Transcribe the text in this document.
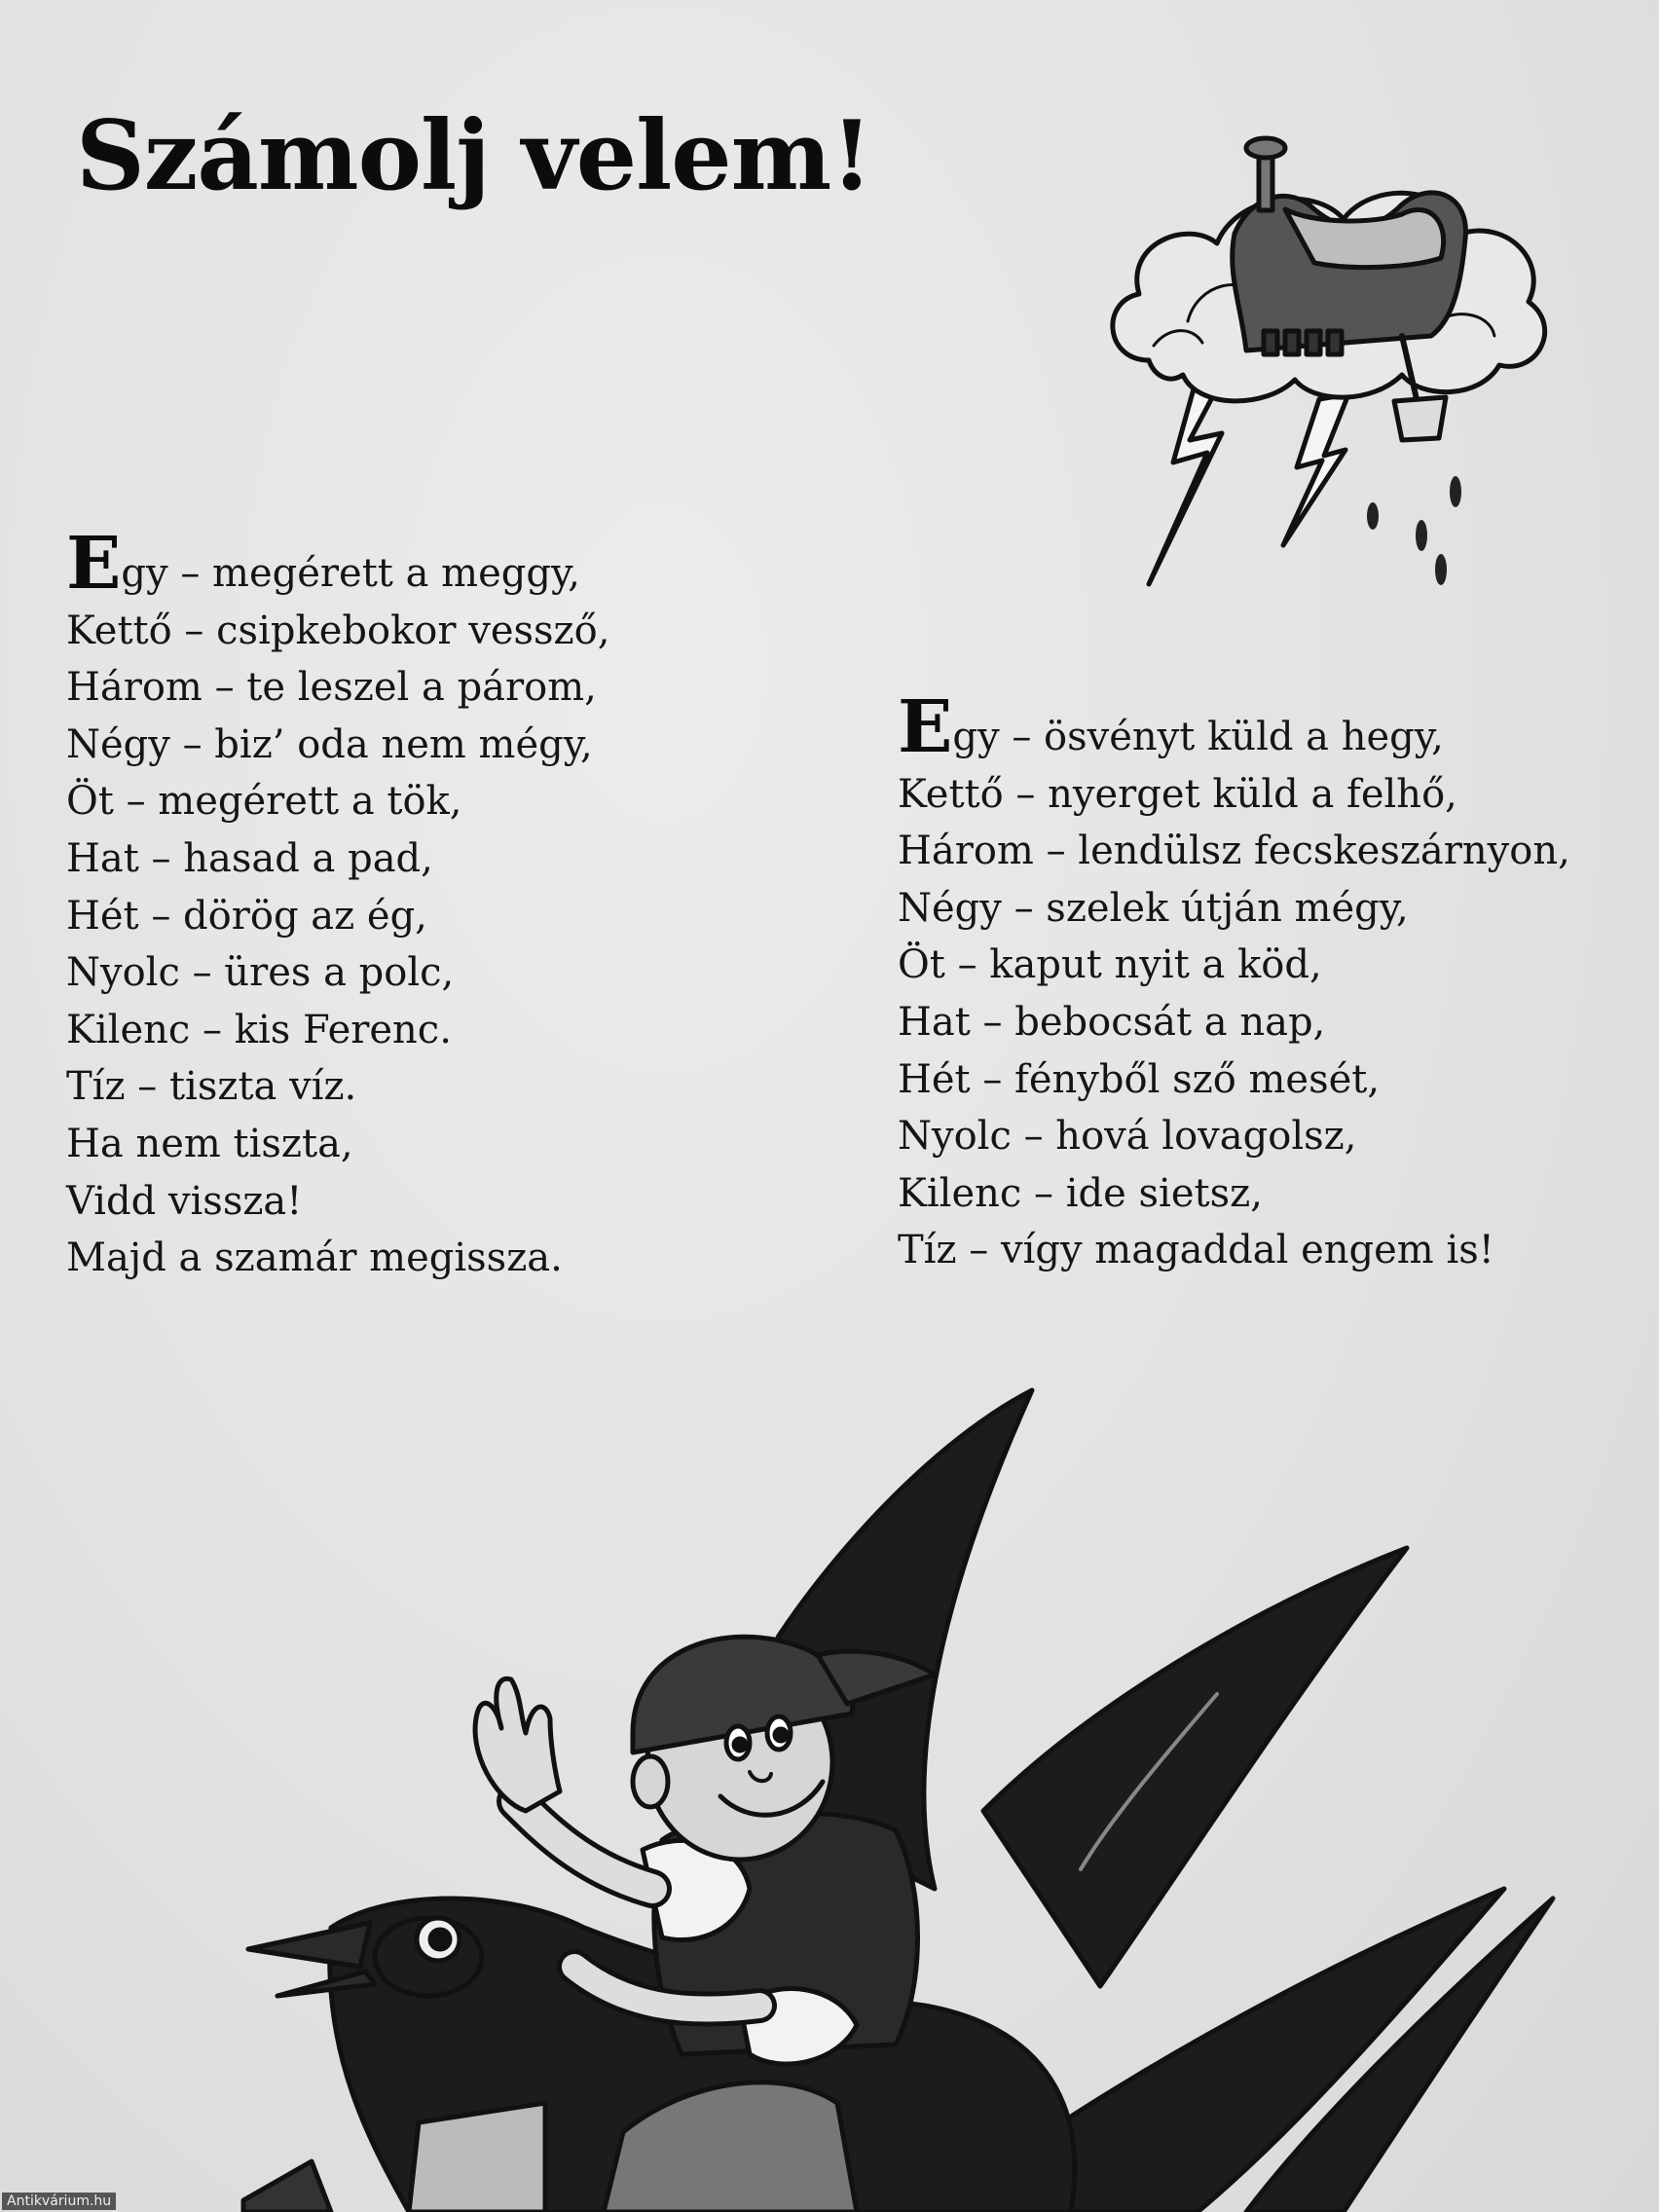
Számolj velem!
Egy – megérett a meggy,
Kettő – csipkebokor vessző,
Három – te leszel a párom,
Négy – biz’ oda nem mégy,
Öt – megérett a tök,
Hat – hasad a pad,
Hét – dörög az ég,
Nyolc – üres a polc,
Kilenc – kis Ferenc.
Tíz – tiszta víz.
Ha nem tiszta,
Vidd vissza!
Majd a szamár megissza.
Egy – ösvényt küld a hegy,
Kettő – nyerget küld a felhő,
Három – lendülsz fecskeszárnyon,
Négy – szelek útján mégy,
Öt – kaput nyit a köd,
Hat – bebocsát a nap,
Hét – fényből sző mesét,
Nyolc – hová lovagolsz,
Kilenc – ide sietsz,
Tíz – vígy magaddal engem is!
Antikvárium.hu
